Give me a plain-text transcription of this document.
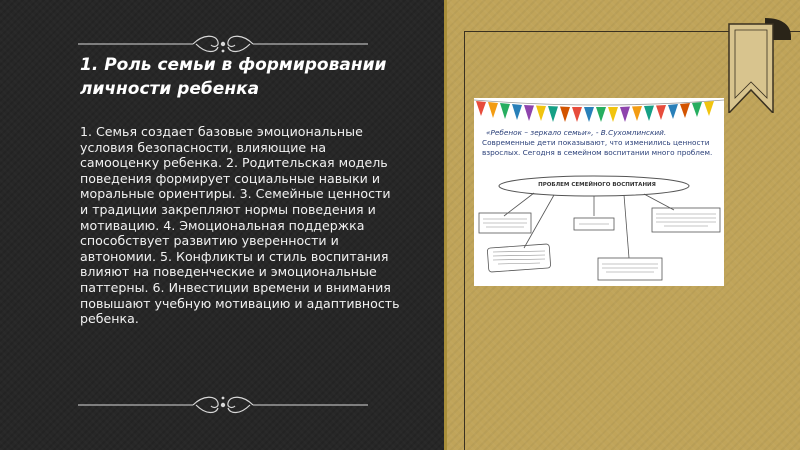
1. Роль семьи в формировании личности ребенка
1. Семья создает базовые эмоциональные условия безопасности, влияющие на самооценку ребенка. 2. Родительская модель поведения формирует социальные навыки и моральные ориентиры. 3. Семейные ценности и традиции закрепляют нормы поведения и мотивацию. 4. Эмоциональная поддержка способствует развитию уверенности и автономии. 5. Конфликты и стиль воспитания влияют на поведенческие и эмоциональные паттерны. 6. Инвестиции времени и внимания повышают учебную мотивацию и адаптивность ребенка.
«Ребенок – зеркало семьи», - В.Сухомлинский.
Современные дети показывают, что изменились ценности взрослых. Сегодня в семейном воспитании много проблем.
ПРОБЛЕМ СЕМЕЙНОГО ВОСПИТАНИЯ
